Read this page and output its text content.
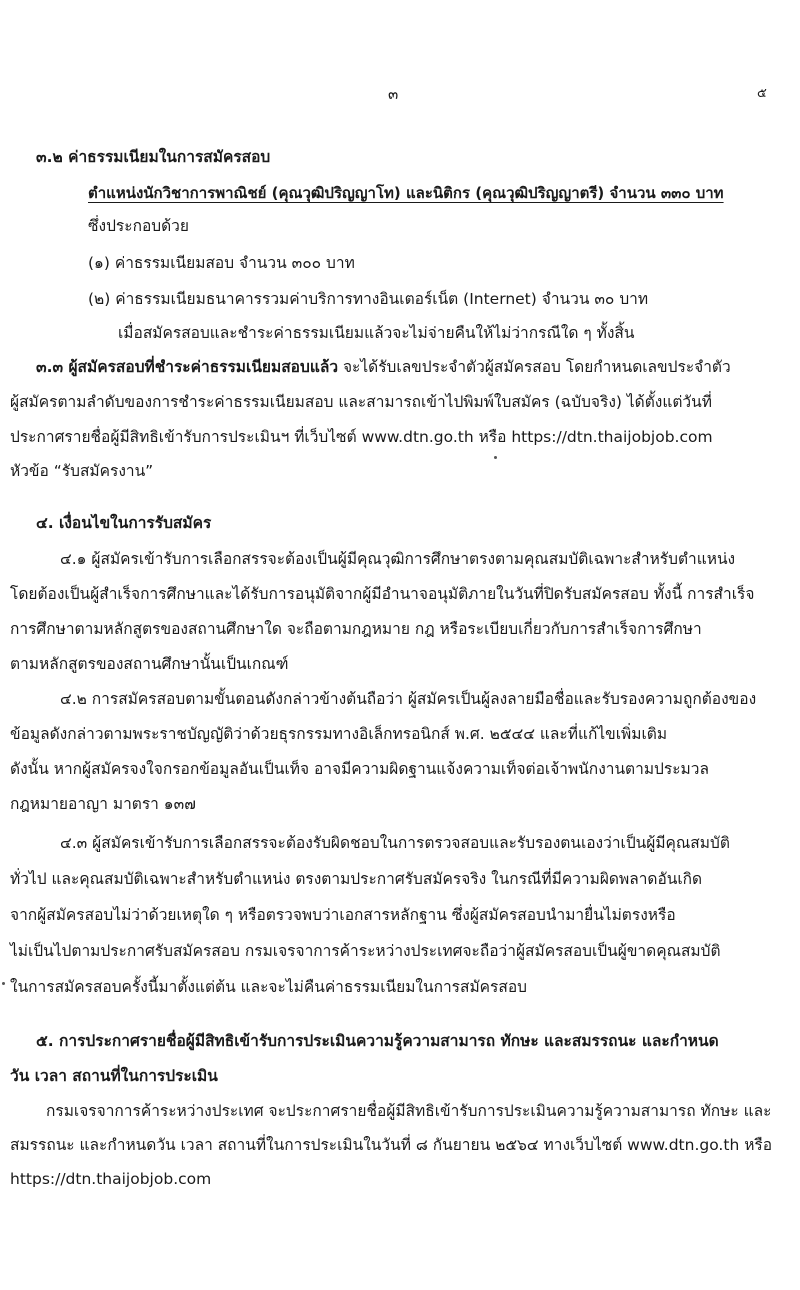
๓	๕
๓.๒ ค่าธรรมเนียมในการสมัครสอบ
ตำแหน่งนักวิชาการพาณิชย์ (คุณวุฒิปริญญาโท) และนิติกร (คุณวุฒิปริญญาตรี) จำนวน ๓๓๐ บาท
ซึ่งประกอบด้วย
(๑) ค่าธรรมเนียมสอบ จำนวน ๓๐๐ บาท
(๒) ค่าธรรมเนียมธนาคารรวมค่าบริการทางอินเตอร์เน็ต (Internet) จำนวน ๓๐ บาท
เมื่อสมัครสอบและชำระค่าธรรมเนียมแล้วจะไม่จ่ายคืนให้ไม่ว่ากรณีใด ๆ ทั้งสิ้น
๓.๓ ผู้สมัครสอบที่ชำระค่าธรรมเนียมสอบแล้ว จะได้รับเลขประจำตัวผู้สมัครสอบ โดยกำหนดเลขประจำตัว
ผู้สมัครตามลำดับของการชำระค่าธรรมเนียมสอบ และสามารถเข้าไปพิมพ์ใบสมัคร (ฉบับจริง) ได้ตั้งแต่วันที่
ประกาศรายชื่อผู้มีสิทธิเข้ารับการประเมินฯ ที่เว็บไซต์ www.dtn.go.th หรือ https://dtn.thaijobjob.com
หัวข้อ “รับสมัครงาน”
๔. เงื่อนไขในการรับสมัคร
๔.๑ ผู้สมัครเข้ารับการเลือกสรรจะต้องเป็นผู้มีคุณวุฒิการศึกษาตรงตามคุณสมบัติเฉพาะสำหรับตำแหน่ง
โดยต้องเป็นผู้สำเร็จการศึกษาและได้รับการอนุมัติจากผู้มีอำนาจอนุมัติภายในวันที่ปิดรับสมัครสอบ ทั้งนี้ การสำเร็จ
การศึกษาตามหลักสูตรของสถานศึกษาใด จะถือตามกฎหมาย กฎ หรือระเบียบเกี่ยวกับการสำเร็จการศึกษา
ตามหลักสูตรของสถานศึกษานั้นเป็นเกณฑ์
๔.๒ การสมัครสอบตามขั้นตอนดังกล่าวข้างต้นถือว่า ผู้สมัครเป็นผู้ลงลายมือชื่อและรับรองความถูกต้องของ
ข้อมูลดังกล่าวตามพระราชบัญญัติว่าด้วยธุรกรรมทางอิเล็กทรอนิกส์ พ.ศ. ๒๕๔๔ และที่แก้ไขเพิ่มเติม
ดังนั้น หากผู้สมัครจงใจกรอกข้อมูลอันเป็นเท็จ อาจมีความผิดฐานแจ้งความเท็จต่อเจ้าพนักงานตามประมวล
กฎหมายอาญา มาตรา ๑๓๗
๔.๓ ผู้สมัครเข้ารับการเลือกสรรจะต้องรับผิดชอบในการตรวจสอบและรับรองตนเองว่าเป็นผู้มีคุณสมบัติ
ทั่วไป และคุณสมบัติเฉพาะสำหรับตำแหน่ง ตรงตามประกาศรับสมัครจริง ในกรณีที่มีความผิดพลาดอันเกิด
จากผู้สมัครสอบไม่ว่าด้วยเหตุใด ๆ หรือตรวจพบว่าเอกสารหลักฐาน ซึ่งผู้สมัครสอบนำมายื่นไม่ตรงหรือ
ไม่เป็นไปตามประกาศรับสมัครสอบ กรมเจรจาการค้าระหว่างประเทศจะถือว่าผู้สมัครสอบเป็นผู้ขาดคุณสมบัติ
ในการสมัครสอบครั้งนี้มาตั้งแต่ต้น และจะไม่คืนค่าธรรมเนียมในการสมัครสอบ
๕. การประกาศรายชื่อผู้มีสิทธิเข้ารับการประเมินความรู้ความสามารถ ทักษะ และสมรรถนะ และกำหนด
วัน เวลา สถานที่ในการประเมิน
กรมเจรจาการค้าระหว่างประเทศ จะประกาศรายชื่อผู้มีสิทธิเข้ารับการประเมินความรู้ความสามารถ ทักษะ และ
สมรรถนะ และกำหนดวัน เวลา สถานที่ในการประเมินในวันที่ ๘ กันยายน ๒๕๖๔ ทางเว็บไซต์ www.dtn.go.th หรือ
https://dtn.thaijobjob.com
